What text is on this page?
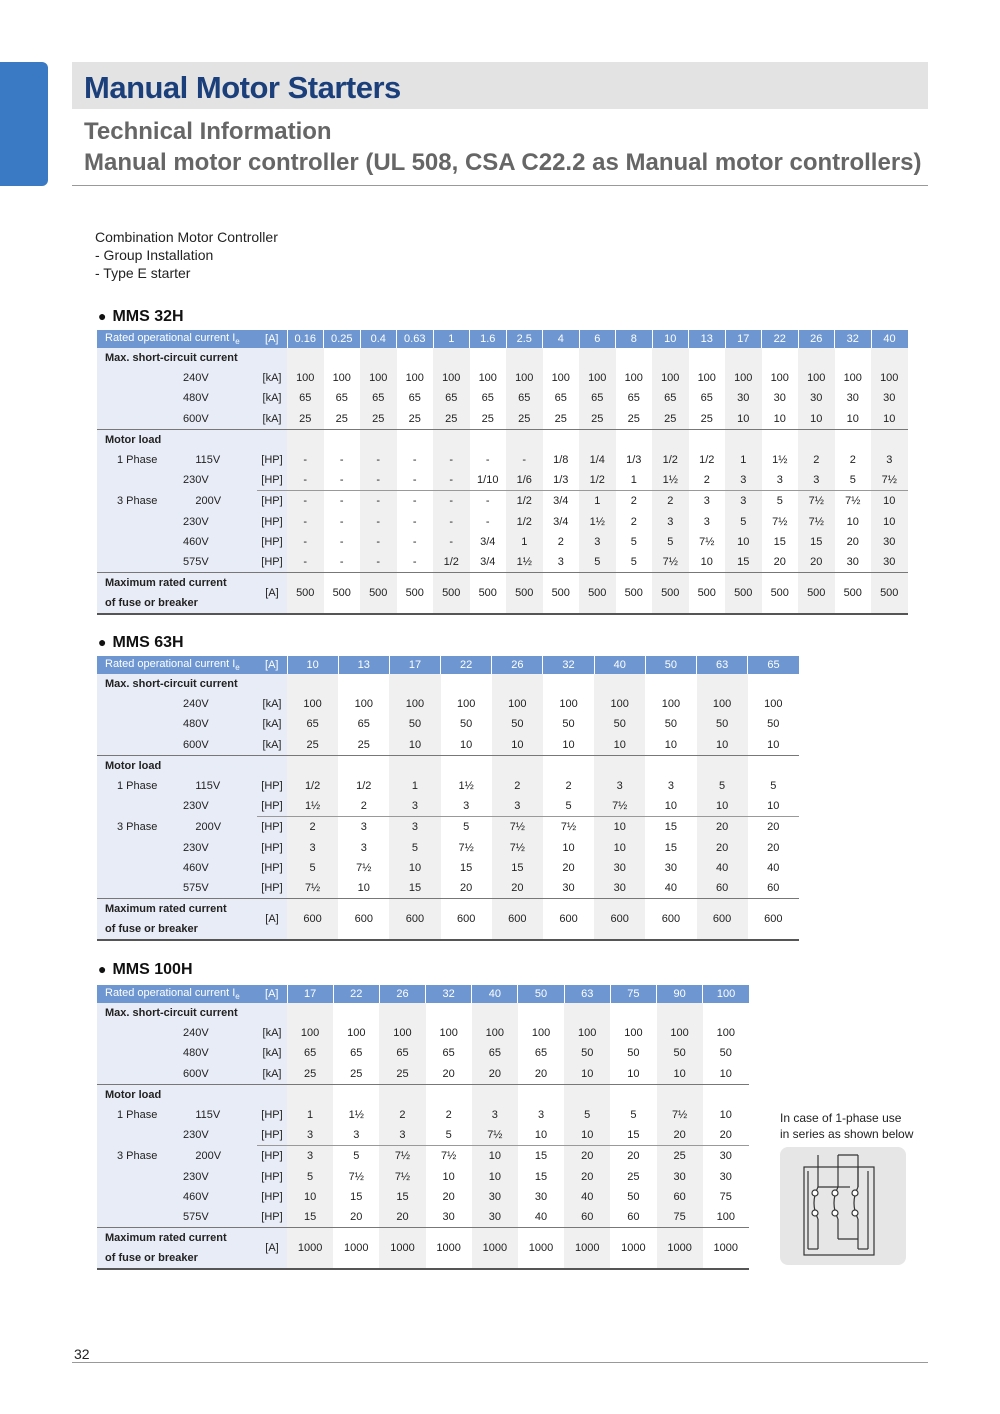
Manual Motor Starters
Technical Information
Manual motor controller (UL 508, CSA C22.2 as Manual motor controllers)
Combination Motor Controller
- Group Installation
- Type E starter
● MMS 32H
Rated operational current $I_e$	[A]	0.16	0.25	0.4	0.63	1	1.6	2.5	4	6	8	10	13	17	22	26	32	40
Max. short-circuit current																		
240V	[kA]	100	100	100	100	100	100	100	100	100	100	100	100	100	100	100	100	100
480V	[kA]	65	65	65	65	65	65	65	65	65	65	65	65	30	30	30	30	30
600V	[kA]	25	25	25	25	25	25	25	25	25	25	25	25	10	10	10	10	10
Motor load																		
1 Phase 115V	[HP]	-	-	-	-	-	-	-	1/8	1/4	1/3	1/2	1/2	1	1½	2	2	3
230V	[HP]	-	-	-	-	-	1/10	1/6	1/3	1/2	1	1½	2	3	3	3	5	7½
3 Phase 200V	[HP]	-	-	-	-	-	-	1/2	3/4	1	2	2	3	3	5	7½	7½	10
230V	[HP]	-	-	-	-	-	-	1/2	3/4	1½	2	3	3	5	7½	7½	10	10
460V	[HP]	-	-	-	-	-	3/4	1	2	3	5	5	7½	10	15	15	20	30
575V	[HP]	-	-	-	-	1/2	3/4	1½	3	5	5	7½	10	15	20	20	30	30
Maximum rated current	[A]	500	500	500	500	500	500	500	500	500	500	500	500	500	500	500	500	500
of fuse or breaker																		
● MMS 63H
Rated operational current $I_e$	[A]	10	13	17	22	26	32	40	50	63	65
Max. short-circuit current											
240V	[kA]	100	100	100	100	100	100	100	100	100	100
480V	[kA]	65	65	50	50	50	50	50	50	50	50
600V	[kA]	25	25	10	10	10	10	10	10	10	10
Motor load											
1 Phase 115V	[HP]	1/2	1/2	1	1½	2	2	3	3	5	5
230V	[HP]	1½	2	3	3	3	5	7½	10	10	10
3 Phase 200V	[HP]	2	3	3	5	7½	7½	10	15	20	20
230V	[HP]	3	3	5	7½	7½	10	10	15	20	20
460V	[HP]	5	7½	10	15	15	20	30	30	40	40
575V	[HP]	7½	10	15	20	20	30	30	40	60	60
Maximum rated current	[A]	600	600	600	600	600	600	600	600	600	600
of fuse or breaker											
● MMS 100H
Rated operational current $I_e$	[A]	17	22	26	32	40	50	63	75	90	100
Max. short-circuit current											
240V	[kA]	100	100	100	100	100	100	100	100	100	100
480V	[kA]	65	65	65	65	65	65	50	50	50	50
600V	[kA]	25	25	25	20	20	20	10	10	10	10
Motor load											
1 Phase 115V	[HP]	1	1½	2	2	3	3	5	5	7½	10
230V	[HP]	3	3	3	5	7½	10	10	15	20	20
3 Phase 200V	[HP]	3	5	7½	7½	10	15	20	20	25	30
230V	[HP]	5	7½	7½	10	10	15	20	25	30	30
460V	[HP]	10	15	15	20	30	30	40	50	60	75
575V	[HP]	15	20	20	30	30	40	60	60	75	100
Maximum rated current	[A]	1000	1000	1000	1000	1000	1000	1000	1000	1000	1000
of fuse or breaker											
In case of 1-phase use
in series as shown below
32
